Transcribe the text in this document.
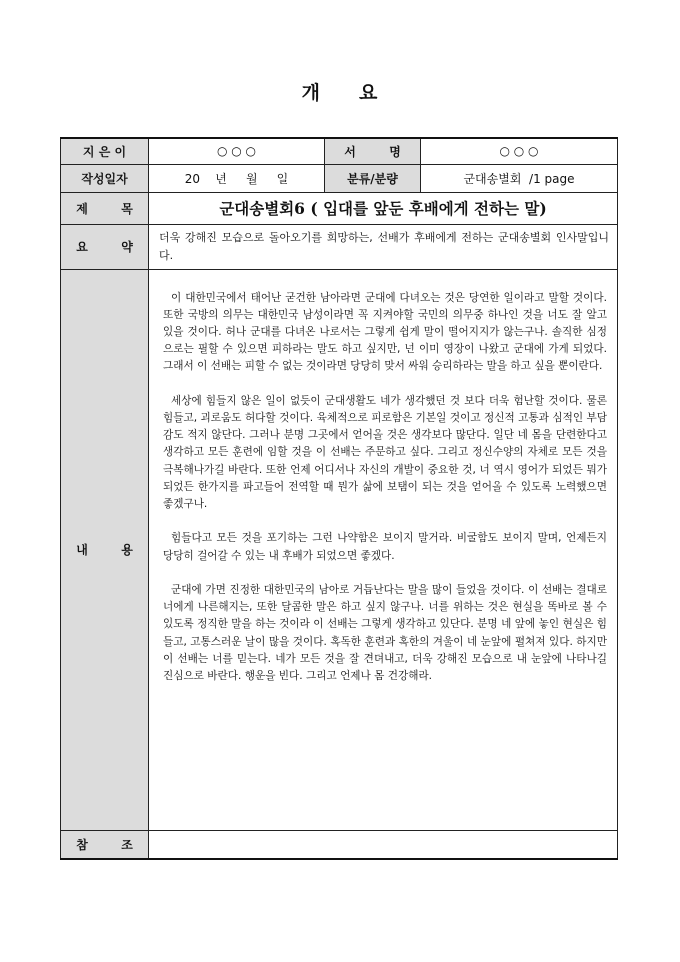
개 요
지 은 이	○ ○ ○	서        명	○ ○ ○
작성일자	20    년     월     일	분류/분량	군대송별회  /1 page
제        목	군대송별회6 ( 입대를 앞둔 후배에게 전하는 말)		
요        약	더욱 강해진 모습으로 돌아오기를 희망하는, 선배가 후배에게 전하는 군대송별회 인사말입니다.		
내        용	이 대한민국에서 태어난 굳건한 남아라면 군대에 다녀오는 것은 당연한 일이라고 말할 것이다. 또한 국방의 의무는 대한민국 남성이라면 꼭 지켜야할 국민의 의무중 하나인 것을 너도 잘 알고 있을 것이다. 허나 군대를 다녀온 나로서는 그렇게 쉽게 말이 떨어지지가 않는구나. 솔직한 심정으로는 필할 수 있으면 피하라는 말도 하고 싶지만, 넌 이미 영장이 나왔고 군대에 가게 되었다. 그래서 이 선배는 피할 수 없는 것이라면 당당히 맞서 싸워 승리하라는 말을 하고 싶을 뿐이란다.

세상에 힘들지 않은 일이 없듯이 군대생활도 네가 생각했던 것 보다 더욱 험난할 것이다. 물론 힘들고, 괴로움도 허다할 것이다. 육체적으로 피로함은 기본일 것이고 정신적 고통과 심적인 부담감도 적지 않단다. 그러나 분명 그곳에서 얻어올 것은 생각보다 많단다. 일단 네 몸을 단련한다고 생각하고 모든 훈련에 임할 것을 이 선배는 주문하고 싶다. 그리고 정신수양의 자체로 모든 것을 극복해나가길 바란다. 또한 언제 어디서나 자신의 개발이 중요한 것, 너 역시 영어가 되었든 뭐가 되었든 한가지를 파고들어 전역할 때 뭔가 삶에 보탬이 되는 것을 얻어올 수 있도록 노력했으면 좋겠구나.

힘들다고 모든 것을 포기하는 그런 나약함은 보이지 말거라. 비굴함도 보이지 말며, 언제든지 당당히 걸어갈 수 있는 내 후배가 되었으면 좋겠다.

군대에 가면 진정한 대한민국의 남아로 거듭난다는 말을 많이 들었을 것이다. 이 선배는 결대로 너에게 나른해지는, 또한 달콤한 말은 하고 싶지 않구나. 너를 위하는 것은 현실을 똑바로 볼 수 있도록 정직한 말을 하는 것이라 이 선배는 그렇게 생각하고 있단다. 분명 네 앞에 놓인 현실은 힘들고, 고통스러운 날이 많을 것이다. 혹독한 훈련과 혹한의 겨울이 네 눈앞에 펼쳐져 있다. 하지만 이 선배는 너를 믿는다. 네가 모든 것을 잘 견뎌내고, 더욱 강해진 모습으로 내 눈앞에 나타나길 진심으로 바란다. 행운을 빈다. 그리고 언제나 몸 건강해라.		

참        조			
